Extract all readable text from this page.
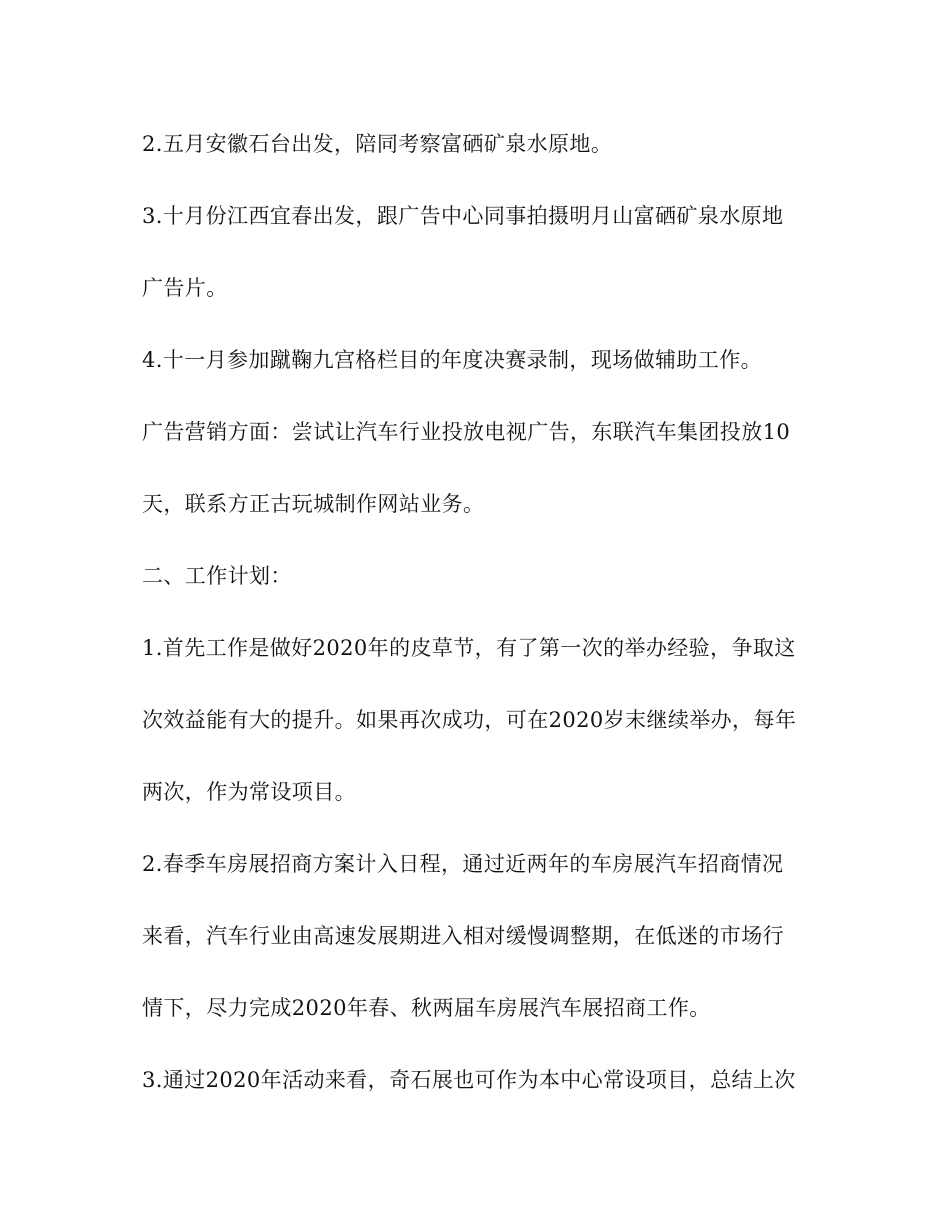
2.五月安徽石台出发，陪同考察富硒矿泉水原地。
3.十月份江西宜春出发，跟广告中心同事拍摄明月山富硒矿泉水原地
广告片。
4.十一月参加蹴鞠九宫格栏目的年度决赛录制，现场做辅助工作。
广告营销方面：尝试让汽车行业投放电视广告，东联汽车集团投放10
天，联系方正古玩城制作网站业务。
二、工作计划：
1.首先工作是做好2020年的皮草节，有了第一次的举办经验，争取这
次效益能有大的提升。如果再次成功，可在2020岁末继续举办，每年
两次，作为常设项目。
2.春季车房展招商方案计入日程，通过近两年的车房展汽车招商情况
来看，汽车行业由高速发展期进入相对缓慢调整期，在低迷的市场行
情下，尽力完成2020年春、秋两届车房展汽车展招商工作。
3.通过2020年活动来看，奇石展也可作为本中心常设项目，总结上次
